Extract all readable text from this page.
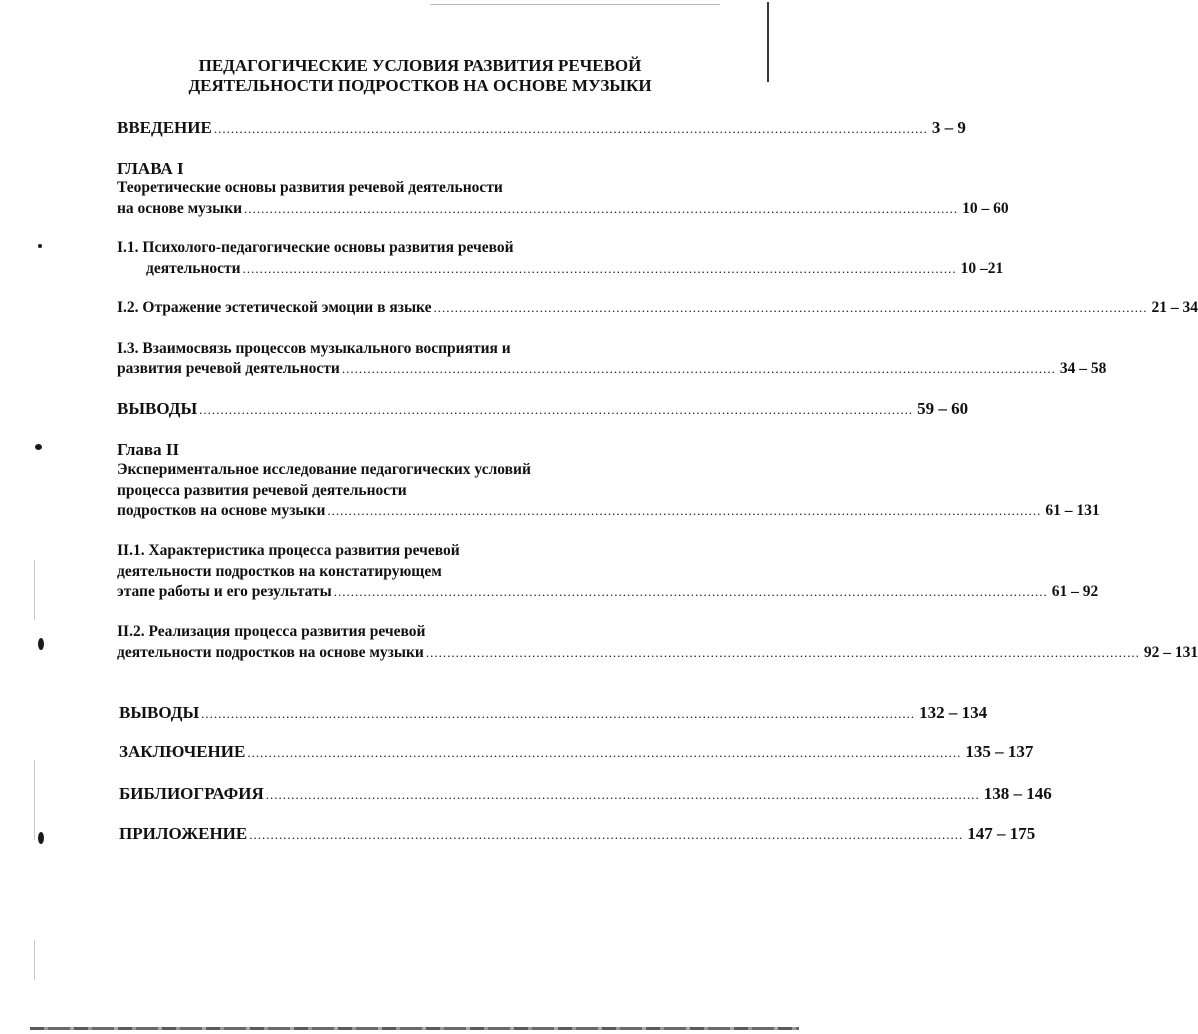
ПЕДАГОГИЧЕСКИЕ УСЛОВИЯ РАЗВИТИЯ РЕЧЕВОЙ
ДЕЯТЕЛЬНОСТИ ПОДРОСТКОВ НА ОСНОВЕ МУЗЫКИ
ВВЕДЕНИЕ ........................................................................................................................................................................ 3 – 9
ГЛАВА I
Теоретические основы развития речевой деятельности
на основе музыки ........................................................................................................................................................................ 10 – 60
I.1. Психолого-педагогические основы развития речевой
деятельности ........................................................................................................................................................................ 10 –21
I.2. Отражение эстетической эмоции в языке ........................................................................................................................................................................ 21 – 34
I.3. Взаимосвязь процессов музыкального восприятия и
развития речевой деятельности ........................................................................................................................................................................ 34 – 58
ВЫВОДЫ ........................................................................................................................................................................ 59 – 60
Глава II
Экспериментальное исследование педагогических условий
процесса развития речевой деятельности
подростков на основе музыки ........................................................................................................................................................................ 61 – 131
II.1. Характеристика процесса развития речевой
деятельности подростков на констатирующем
этапе работы и его результаты ........................................................................................................................................................................ 61 – 92
II.2. Реализация процесса развития речевой
деятельности подростков на основе музыки ........................................................................................................................................................................ 92 – 131
ВЫВОДЫ ........................................................................................................................................................................ 132 – 134
ЗАКЛЮЧЕНИЕ ........................................................................................................................................................................ 135 – 137
БИБЛИОГРАФИЯ ........................................................................................................................................................................ 138 – 146
ПРИЛОЖЕНИЕ ........................................................................................................................................................................ 147 – 175
